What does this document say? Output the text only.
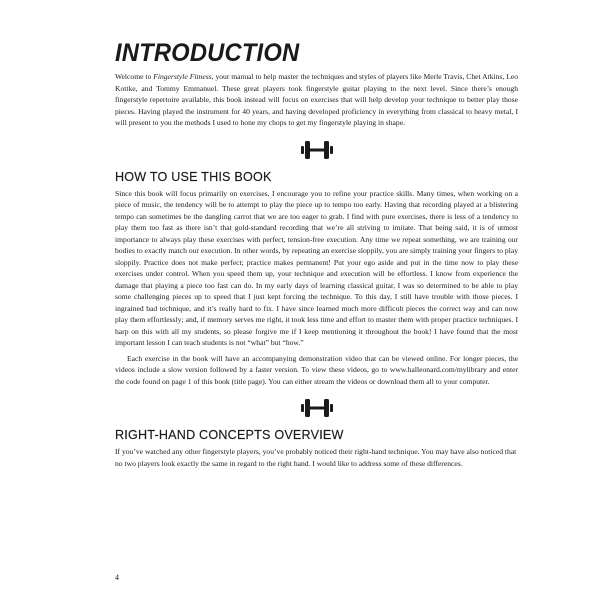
INTRODUCTION

Welcome to Fingerstyle Fitness, your manual to help master the techniques and styles of players like Merle Travis, Chet Atkins, Leo Kottke, and Tommy Emmanuel. These great players took fingerstyle guitar playing to the next level. Since there’s enough fingerstyle repertoire available, this book instead will focus on exercises that will help develop your technique to better play those pieces. Having played the instrument for 40 years, and having developed proficiency in everything from classical to heavy metal, I will present to you the methods I used to hone my chops to get my fingerstyle playing in shape.

HOW TO USE THIS BOOK

Since this book will focus primarily on exercises, I encourage you to refine your practice skills. Many times, when working on a piece of music, the tendency will be to attempt to play the piece up to tempo too early. Having that recording played at a blistering tempo can sometimes be the dangling carrot that we are too eager to grab. I find with pure exercises, there is less of a tendency to play them too fast as there isn’t that gold-standard recording that we’re all striving to imitate. That being said, it is of utmost importance to always play these exercises with perfect, tension-free execution. Any time we repeat something, we are training our bodies to exactly match our execution. In other words, by repeating an exercise sloppily, you are simply training your fingers to play sloppily. Practice does not make perfect; practice makes permanent! Put your ego aside and put in the time now to play these exercises under control. When you speed them up, your technique and execution will be effortless. I know from experience the damage that playing a piece too fast can do. In my early days of learning classical guitar, I was so determined to be able to play some challenging pieces up to speed that I just kept forcing the technique. To this day, I still have trouble with those pieces. I ingrained bad technique, and it’s really hard to fix. I have since learned much more difficult pieces the correct way and can now play them effortlessly; and, if memory serves me right, it took less time and effort to master them with proper practice techniques. I harp on this with all my students, so please forgive me if I keep mentioning it throughout the book! I have found that the most important lesson I can teach students is not “what” but “how.”

Each exercise in the book will have an accompanying demonstration video that can be viewed online. For longer pieces, the videos include a slow version followed by a faster version. To view these videos, go to www.halleonard.com/mylibrary and enter the code found on page 1 of this book (title page). You can either stream the videos or download them all to your computer.

RIGHT-HAND CONCEPTS OVERVIEW

If you’ve watched any other fingerstyle players, you’ve probably noticed their right-hand technique. You may have also noticed that no two players look exactly the same in regard to the right hand. I would like to address some of these differences.

4
